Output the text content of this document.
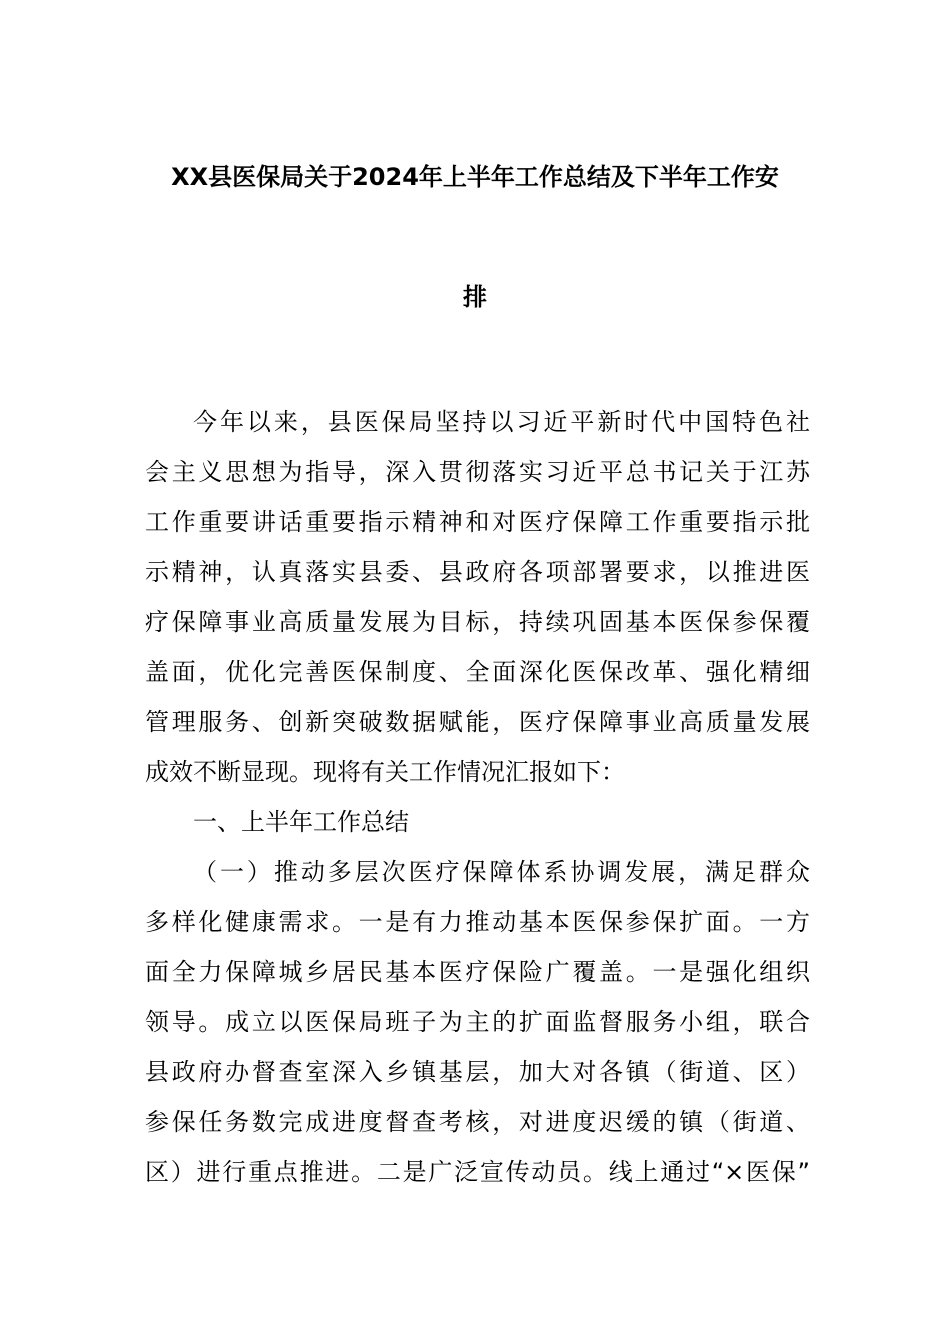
XX县医保局关于2024年上半年工作总结及下半年工作安
排
今年以来，县医保局坚持以习近平新时代中国特色社
会主义思想为指导，深入贯彻落实习近平总书记关于江苏
工作重要讲话重要指示精神和对医疗保障工作重要指示批
示精神，认真落实县委、县政府各项部署要求，以推进医
疗保障事业高质量发展为目标，持续巩固基本医保参保覆
盖面，优化完善医保制度、全面深化医保改革、强化精细
管理服务、创新突破数据赋能，医疗保障事业高质量发展
成效不断显现。现将有关工作情况汇报如下：
一、上半年工作总结
（一）推动多层次医疗保障体系协调发展，满足群众
多样化健康需求。一是有力推动基本医保参保扩面。一方
面全力保障城乡居民基本医疗保险广覆盖。一是强化组织
领导。成立以医保局班子为主的扩面监督服务小组，联合
县政府办督查室深入乡镇基层，加大对各镇（街道、区）
参保任务数完成进度督查考核，对进度迟缓的镇（街道、
区）进行重点推进。二是广泛宣传动员。线上通过“×医保”
